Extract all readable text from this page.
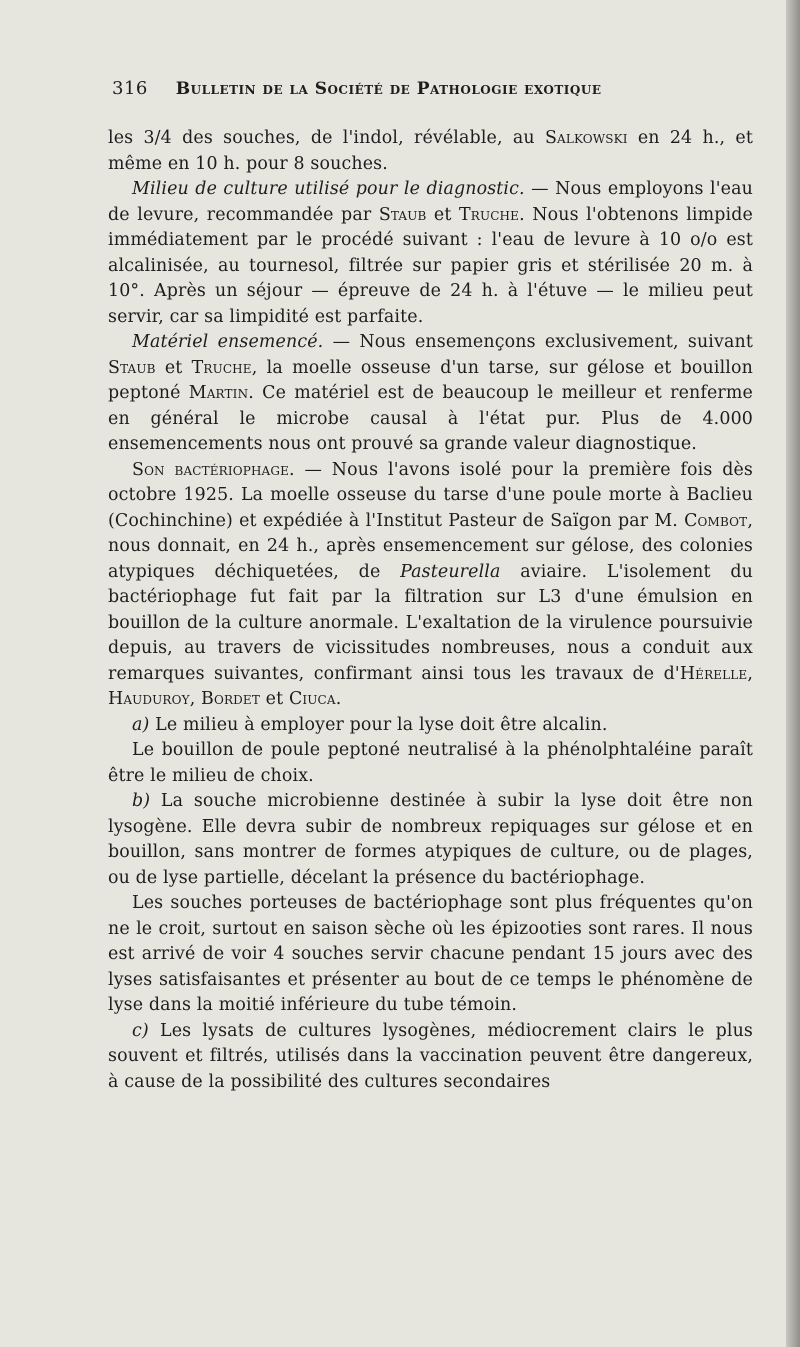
316 Bulletin de la Société de Pathologie exotique

les 3/4 des souches, de l'indol, révélable, au Salkowski en 24 h., et même en 10 h. pour 8 souches.

Milieu de culture utilisé pour le diagnostic. — Nous employons l'eau de levure, recommandée par Staub et Truche. Nous l'obtenons limpide immédiatement par le procédé suivant : l'eau de levure à 10 o/o est alcalinisée, au tournesol, filtrée sur papier gris et stérilisée 20 m. à 10°. Après un séjour — épreuve de 24 h. à l'étuve — le milieu peut servir, car sa limpidité est parfaite.

Matériel ensemencé. — Nous ensemençons exclusivement, suivant Staub et Truche, la moelle osseuse d'un tarse, sur gélose et bouillon peptoné Martin. Ce matériel est de beaucoup le meilleur et renferme en général le microbe causal à l'état pur. Plus de 4.000 ensemencements nous ont prouvé sa grande valeur diagnostique.

Son bactériophage. — Nous l'avons isolé pour la première fois dès octobre 1925. La moelle osseuse du tarse d'une poule morte à Baclieu (Cochinchine) et expédiée à l'Institut Pasteur de Saïgon par M. Combot, nous donnait, en 24 h., après ensemencement sur gélose, des colonies atypiques déchiquetées, de Pasteurella aviaire. L'isolement du bactériophage fut fait par la filtration sur L3 d'une émulsion en bouillon de la culture anormale. L'exaltation de la virulence poursuivie depuis, au travers de vicissitudes nombreuses, nous a conduit aux remarques suivantes, confirmant ainsi tous les travaux de d'Hérelle, Hauduroy, Bordet et Ciuca.

a) Le milieu à employer pour la lyse doit être alcalin.

Le bouillon de poule peptoné neutralisé à la phénolphtaléine paraît être le milieu de choix.

b) La souche microbienne destinée à subir la lyse doit être non lysogène. Elle devra subir de nombreux repiquages sur gélose et en bouillon, sans montrer de formes atypiques de culture, ou de plages, ou de lyse partielle, décelant la présence du bactériophage.

Les souches porteuses de bactériophage sont plus fréquentes qu'on ne le croit, surtout en saison sèche où les épizooties sont rares. Il nous est arrivé de voir 4 souches servir chacune pendant 15 jours avec des lyses satisfaisantes et présenter au bout de ce temps le phénomène de lyse dans la moitié inférieure du tube témoin.

c) Les lysats de cultures lysogènes, médiocrement clairs le plus souvent et filtrés, utilisés dans la vaccination peuvent être dangereux, à cause de la possibilité des cultures secondaires
